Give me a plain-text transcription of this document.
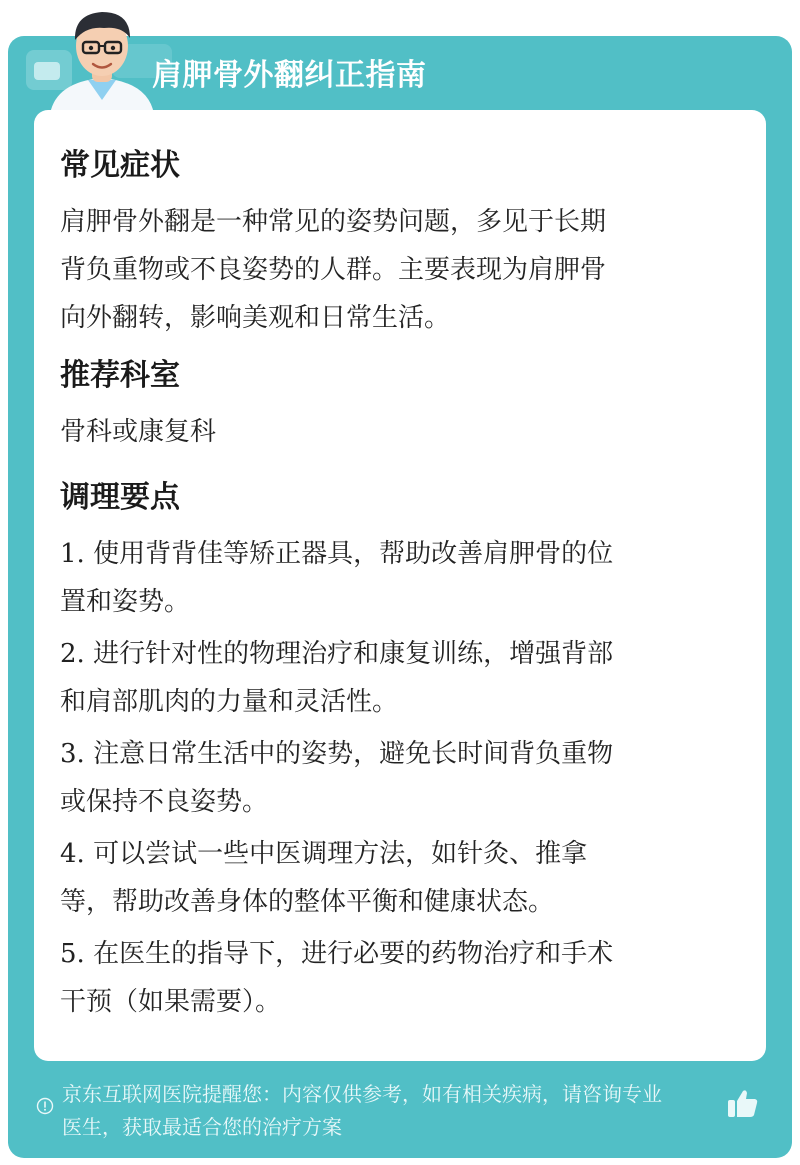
肩胛骨外翻纠正指南
常见症状
肩胛骨外翻是一种常见的姿势问题，多见于长期
背负重物或不良姿势的人群。主要表现为肩胛骨
向外翻转，影响美观和日常生活。
推荐科室
骨科或康复科
调理要点
1. 使用背背佳等矫正器具，帮助改善肩胛骨的位
置和姿势。
2. 进行针对性的物理治疗和康复训练，增强背部
和肩部肌肉的力量和灵活性。
3. 注意日常生活中的姿势，避免长时间背负重物
或保持不良姿势。
4. 可以尝试一些中医调理方法，如针灸、推拿
等，帮助改善身体的整体平衡和健康状态。
5. 在医生的指导下，进行必要的药物治疗和手术
干预（如果需要）。
京东互联网医院提醒您：内容仅供参考，如有相关疾病，请咨询专业
医生，获取最适合您的治疗方案
